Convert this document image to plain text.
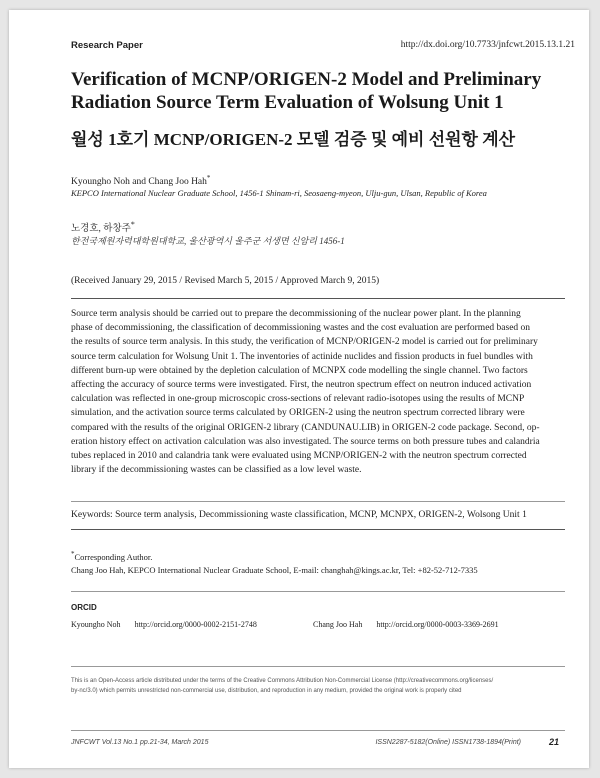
Research Paper	http://dx.doi.org/10.7733/jnfcwt.2015.13.1.21
Verification of MCNP/ORIGEN-2 Model and Preliminary
Radiation Source Term Evaluation of Wolsung Unit 1
월성 1호기 MCNP/ORIGEN-2 모델 검증 및 예비 선원항 계산
Kyoungho Noh and Chang Joo Hah*
KEPCO International Nuclear Graduate School, 1456-1 Shinam-ri, Seosaeng-myeon, Ulju-gun, Ulsan, Republic of Korea
노경호, 하창주*
한전국제원자력대학원대학교, 울산광역시 울주군 서생면 신암리 1456-1
(Received January 29, 2015 / Revised March 5, 2015 / Approved March 9, 2015)
Source term analysis should be carried out to prepare the decommissioning of the nuclear power plant. In the planning
phase of decommissioning, the classification of decommissioning wastes and the cost evaluation are performed based on
the results of source term analysis. In this study, the verification of MCNP/ORIGEN-2 model is carried out for preliminary
source term calculation for Wolsung Unit 1. The inventories of actinide nuclides and fission products in fuel bundles with
different burn-up were obtained by the depletion calculation of MCNPX code modelling the single channel. Two factors
affecting the accuracy of source terms were investigated. First, the neutron spectrum effect on neutron induced activation
calculation was reflected in one-group microscopic cross-sections of relevant radio-isotopes using the results of MCNP
simulation, and the activation source terms calculated by ORIGEN-2 using the neutron spectrum corrected library were
compared with the results of the original ORIGEN-2 library (CANDUNAU.LIB) in ORIGEN-2 code package. Second, op-
eration history effect on activation calculation was also investigated. The source terms on both pressure tubes and calandria
tubes replaced in 2010 and calandria tank were evaluated using MCNP/ORIGEN-2 with the neutron spectrum corrected
library if the decommissioning wastes can be classified as a low level waste.
Keywords: Source term analysis, Decommissioning waste classification, MCNP, MCNPX, ORIGEN-2, Wolsong Unit 1
*Corresponding Author.
Chang Joo Hah, KEPCO International Nuclear Graduate School, E-mail: changhah@kings.ac.kr, Tel: +82-52-712-7335
ORCID
Kyoungho Noh http://orcid.org/0000-0002-2151-2748	Chang Joo Hah http://orcid.org/0000-0003-3369-2691
This is an Open-Access article distributed under the terms of the Creative Commons Attribution Non-Commercial License (http://creativecommons.org/licenses/
by-nc/3.0) which permits unrestricted non-commercial use, distribution, and reproduction in any medium, provided the original work is properly cited
JNFCWT Vol.13 No.1 pp.21-34, March 2015	ISSN2287-5182(Online) ISSN1738-1894(Print)	21
